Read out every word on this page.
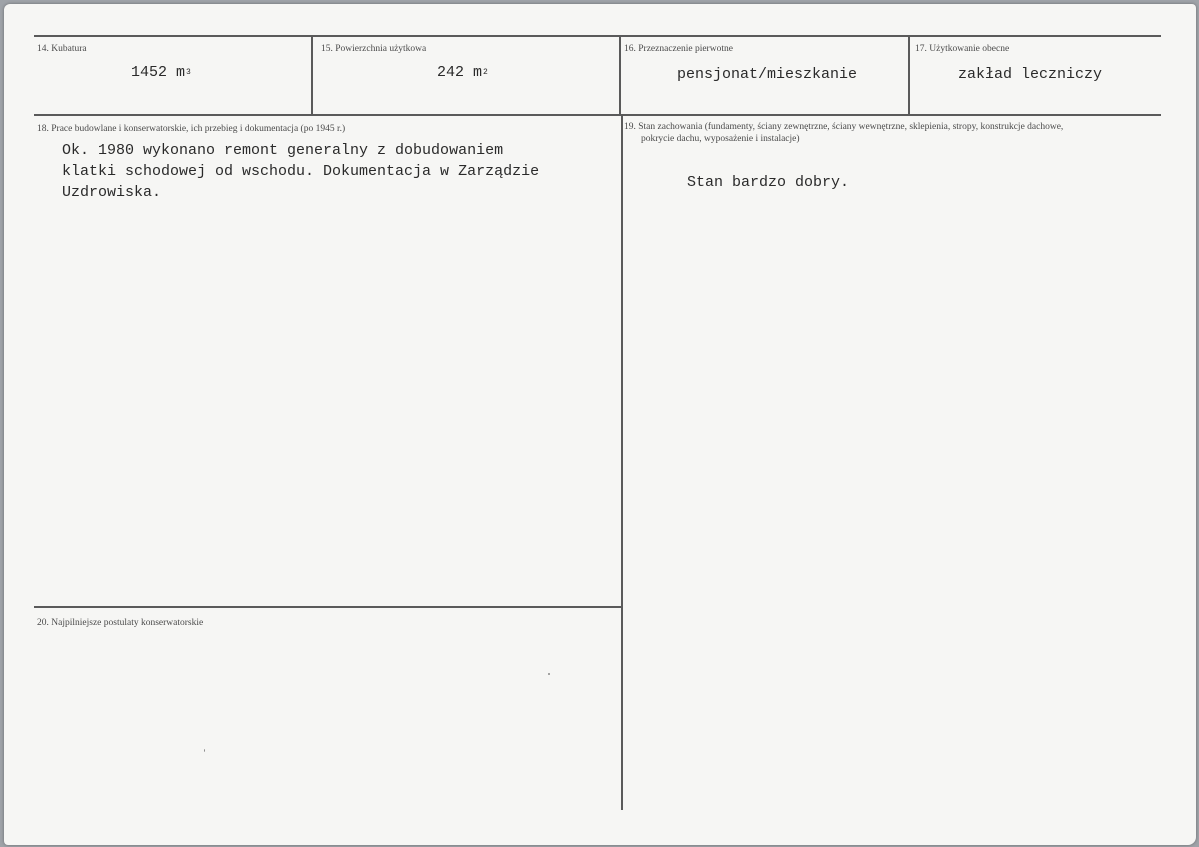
14. Kubatura
1452 $m^3$
15. Powierzchnia użytkowa
242 $m^2$
16. Przeznaczenie pierwotne
pensjonat/mieszkanie
17. Użytkowanie obecne
zakład leczniczy
18. Prace budowlane i konserwatorskie, ich przebieg i dokumentacja (po 1945 r.)
Ok. 1980 wykonano remont generalny z dobudowaniem
klatki schodowej od wschodu. Dokumentacja w Zarządzie
Uzdrowiska.
19. Stan zachowania (fundamenty, ściany zewnętrzne, ściany wewnętrzne, sklepienia, stropy, konstrukcje dachowe,
pokrycie dachu, wyposażenie i instalacje)
Stan bardzo dobry.
20. Najpilniejsze postulaty konserwatorskie
